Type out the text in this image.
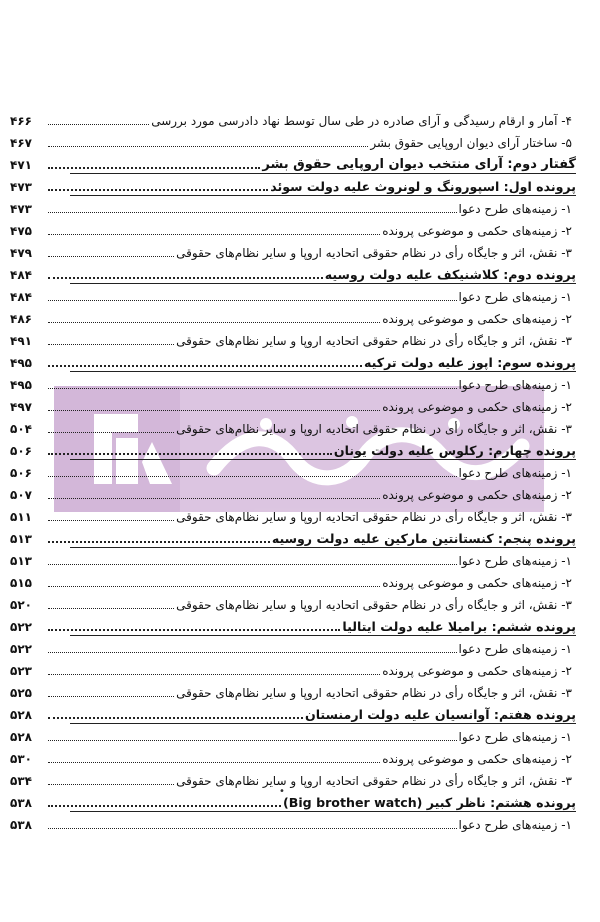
۴- آمار و ارقام رسیدگی و آرای صادره در طی سال توسط نهاد دادرسی مورد بررسی
۴۶۶
۵- ساختار آرای دیوان اروپایی حقوق بشر
۴۶۷
گفتار دوم: آرای منتخب دیوان اروپایی حقوق بشر
۴۷۱
پرونده اول: اسپورونگ و لونروث علیه دولت سوئد
۴۷۳
۱- زمینه‌های طرح دعوا
۴۷۳
۲- زمینه‌های حکمی و موضوعی پرونده
۴۷۵
۳- نقش، اثر و جایگاه رأی در نظام حقوقی اتحادیه اروپا و سایر نظام‌های حقوقی
۴۷۹
پرونده دوم: کلاشنیکف علیه دولت روسیه
۴۸۴
۱- زمینه‌های طرح دعوا
۴۸۴
۲- زمینه‌های حکمی و موضوعی پرونده
۴۸۶
۳- نقش، اثر و جایگاه رأی در نظام حقوقی اتحادیه اروپا و سایر نظام‌های حقوقی
۴۹۱
پرونده سوم: اپوز علیه دولت ترکیه
۴۹۵
۱- زمینه‌های طرح دعوا
۴۹۵
۲- زمینه‌های حکمی و موضوعی پرونده
۴۹۷
۳- نقش، اثر و جایگاه رأی در نظام حقوقی اتحادیه اروپا و سایر نظام‌های حقوقی
۵۰۴
پرونده چهارم: رکلوس علیه دولت یونان
۵۰۶
۱- زمینه‌های طرح دعوا
۵۰۶
۲- زمینه‌های حکمی و موضوعی پرونده
۵۰۷
۳- نقش، اثر و جایگاه رأی در نظام حقوقی اتحادیه اروپا و سایر نظام‌های حقوقی
۵۱۱
پرونده پنجم: کنستانتین مارکین علیه دولت روسیه
۵۱۳
۱- زمینه‌های طرح دعوا
۵۱۳
۲- زمینه‌های حکمی و موضوعی پرونده
۵۱۵
۳- نقش، اثر و جایگاه رأی در نظام حقوقی اتحادیه اروپا و سایر نظام‌های حقوقی
۵۲۰
پرونده ششم: برامیلا علیه دولت ایتالیا
۵۲۲
۱- زمینه‌های طرح دعوا
۵۲۲
۲- زمینه‌های حکمی و موضوعی پرونده
۵۲۳
۳- نقش، اثر و جایگاه رأی در نظام حقوقی اتحادیه اروپا و سایر نظام‌های حقوقی
۵۲۵
پرونده هفتم: آوانسیان علیه دولت ارمنستان
۵۲۸
۱- زمینه‌های طرح دعوا
۵۲۸
۲- زمینه‌های حکمی و موضوعی پرونده
۵۳۰
۳- نقش، اثر و جایگاه رأی در نظام حقوقی اتحادیه اروپا و سایر نظام‌های حقوقی
۵۳۴
پرونده هشتم: ناظر کبیر (Big brother watch)
۵۳۸
۱- زمینه‌های طرح دعوا
۵۳۸
•
